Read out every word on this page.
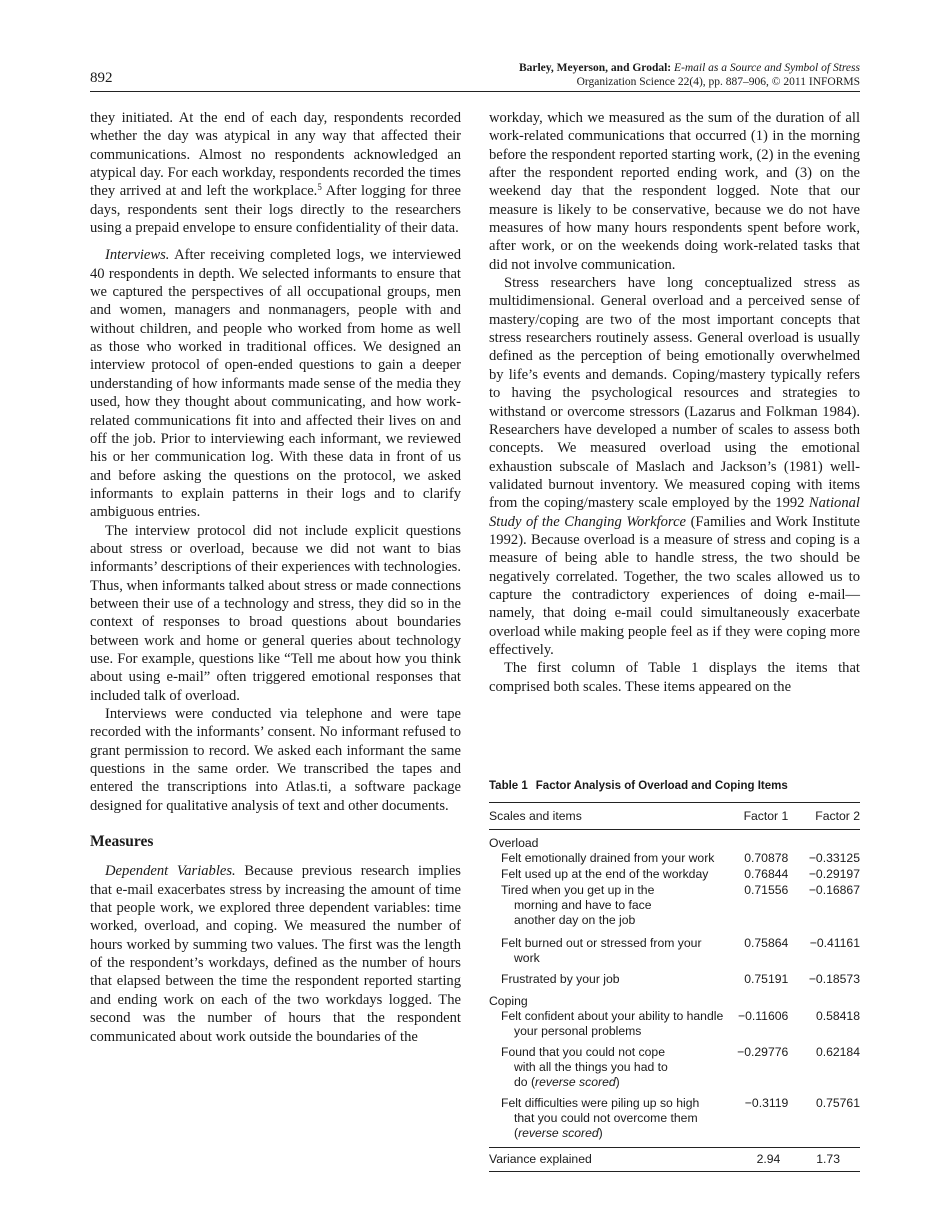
892
Barley, Meyerson, and Grodal: E-mail as a Source and Symbol of Stress
Organization Science 22(4), pp. 887–906, © 2011 INFORMS

they initiated. At the end of each day, respondents recorded whether the day was atypical in any way that affected their communications. Almost no respondents acknowledged an atypical day. For each workday, respondents recorded the times they arrived at and left the workplace.$^5$ After logging for three days, respondents sent their logs directly to the researchers using a prepaid envelope to ensure confidentiality of their data.

Interviews. After receiving completed logs, we interviewed 40 respondents in depth. We selected informants to ensure that we captured the perspectives of all occupational groups, men and women, managers and nonmanagers, people with and without children, and people who worked from home as well as those who worked in traditional offices. We designed an interview protocol of open-ended questions to gain a deeper understanding of how informants made sense of the media they used, how they thought about communicating, and how work-related communications fit into and affected their lives on and off the job. Prior to interviewing each informant, we reviewed his or her communication log. With these data in front of us and before asking the questions on the protocol, we asked informants to explain patterns in their logs and to clarify ambiguous entries.

The interview protocol did not include explicit questions about stress or overload, because we did not want to bias informants’ descriptions of their experiences with technologies. Thus, when informants talked about stress or made connections between their use of a technology and stress, they did so in the context of responses to broad questions about boundaries between work and home or general queries about technology use. For example, questions like “Tell me about how you think about using e-mail” often triggered emotional responses that included talk of overload.

Interviews were conducted via telephone and were tape recorded with the informants’ consent. No informant refused to grant permission to record. We asked each informant the same questions in the same order. We transcribed the tapes and entered the transcriptions into Atlas.ti, a software package designed for qualitative analysis of text and other documents.

Measures

Dependent Variables. Because previous research implies that e-mail exacerbates stress by increasing the amount of time that people work, we explored three dependent variables: time worked, overload, and coping. We measured the number of hours worked by summing two values. The first was the length of the respondent’s workdays, defined as the number of hours that elapsed between the time the respondent reported starting and ending work on each of the two workdays logged. The second was the number of hours that the respondent communicated about work outside the boundaries of the

workday, which we measured as the sum of the duration of all work-related communications that occurred (1) in the morning before the respondent reported starting work, (2) in the evening after the respondent reported ending work, and (3) on the weekend day that the respondent logged. Note that our measure is likely to be conservative, because we do not have measures of how many hours respondents spent before work, after work, or on the weekends doing work-related tasks that did not involve communication.

Stress researchers have long conceptualized stress as multidimensional. General overload and a perceived sense of mastery/coping are two of the most important concepts that stress researchers routinely assess. General overload is usually defined as the perception of being emotionally overwhelmed by life’s events and demands. Coping/mastery typically refers to having the psychological resources and strategies to withstand or overcome stressors (Lazarus and Folkman 1984). Researchers have developed a number of scales to assess both concepts. We measured overload using the emotional exhaustion subscale of Maslach and Jackson’s (1981) well-validated burnout inventory. We measured coping with items from the coping/mastery scale employed by the 1992 National Study of the Changing Workforce (Families and Work Institute 1992). Because overload is a measure of stress and coping is a measure of being able to handle stress, the two should be negatively correlated. Together, the two scales allowed us to capture the contradictory experiences of doing e-mail—namely, that doing e-mail could simultaneously exacerbate overload while making people feel as if they were coping more effectively.

The first column of Table 1 displays the items that comprised both scales. These items appeared on the

Table 1 Factor Analysis of Overload and Coping Items
Scales and items	Factor 1	Factor 2
Overload		

Felt emotionally drained from your work	0.70878	−0.33125

Felt used up at the end of the workday	0.76844	−0.29197

Tired when you get up in the morning and have to face another day on the job	0.71556	−0.16867

Felt burned out or stressed from your work	0.75864	−0.41161

Frustrated by your job	0.75191	−0.18573
Coping		

Felt confident about your ability to handle your personal problems	−0.11606	0.58418

Found that you could not cope with all the things you had to do (reverse scored)	−0.29776	0.62184

Felt difficulties were piling up so high that you could not overcome them (reverse scored)	−0.3119	0.75761
Variance explained	2.94	1.73
